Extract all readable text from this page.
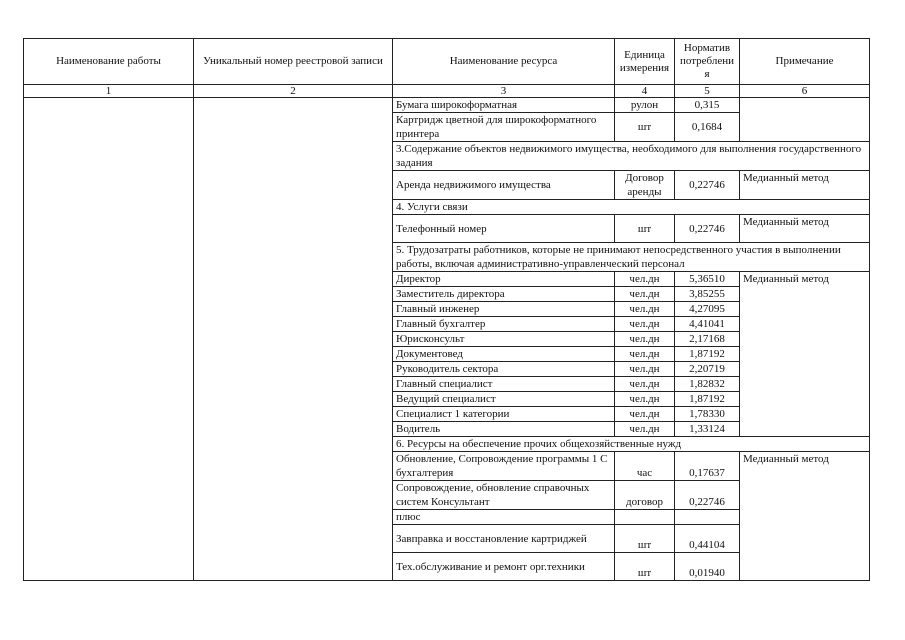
Наименование работы	Уникальный номер реестровой записи	Наименование ресурса	Единица измерения	Норматив потреблени я	Примечание
1	2	3	4	5	6
		Бумага широкоформатная	рулон	0,315	
		Картридж цветной для широкоформатного принтера	шт	0,1684	
		3.Содержание объектов недвижимого имущества, необходимого для выполнения государственного задания			
		Аренда недвижимого имущества	Договор аренды	0,22746	Медианный метод
		4. Услуги связи			
		Телефонный номер	шт	0,22746	Медианный метод
		5. Трудозатраты работников, которые не принимают непосредственного участия в выполнении работы, включая административно-управленческий персонал			
		Директор	чел.дн	5,36510	Медианный метод
		Заместитель директора	чел.дн	3,85255	
		Главный инженер	чел.дн	4,27095	
		Главный бухгалтер	чел.дн	4,41041	
		Юрисконсульт	чел.дн	2,17168	
		Документовед	чел.дн	1,87192	
		Руководитель сектора	чел.дн	2,20719	
		Главный специалист	чел.дн	1,82832	
		Ведущий специалист	чел.дн	1,87192	
		Специалист 1 категории	чел.дн	1,78330	
		Водитель	чел.дн	1,33124	
		6. Ресурсы на обеспечение прочих общехозяйственные нужд			
		Обновление, Сопровождение программы 1 С бухгалтерия	час	0,17637	Медианный метод
		Сопровождение, обновление справочных систем Консультант	договор	0,22746	
		плюс			
		Завправка и восстановление картриджей	шт	0,44104	
		Тех.обслуживание и ремонт орг.техники	шт	0,01940	
